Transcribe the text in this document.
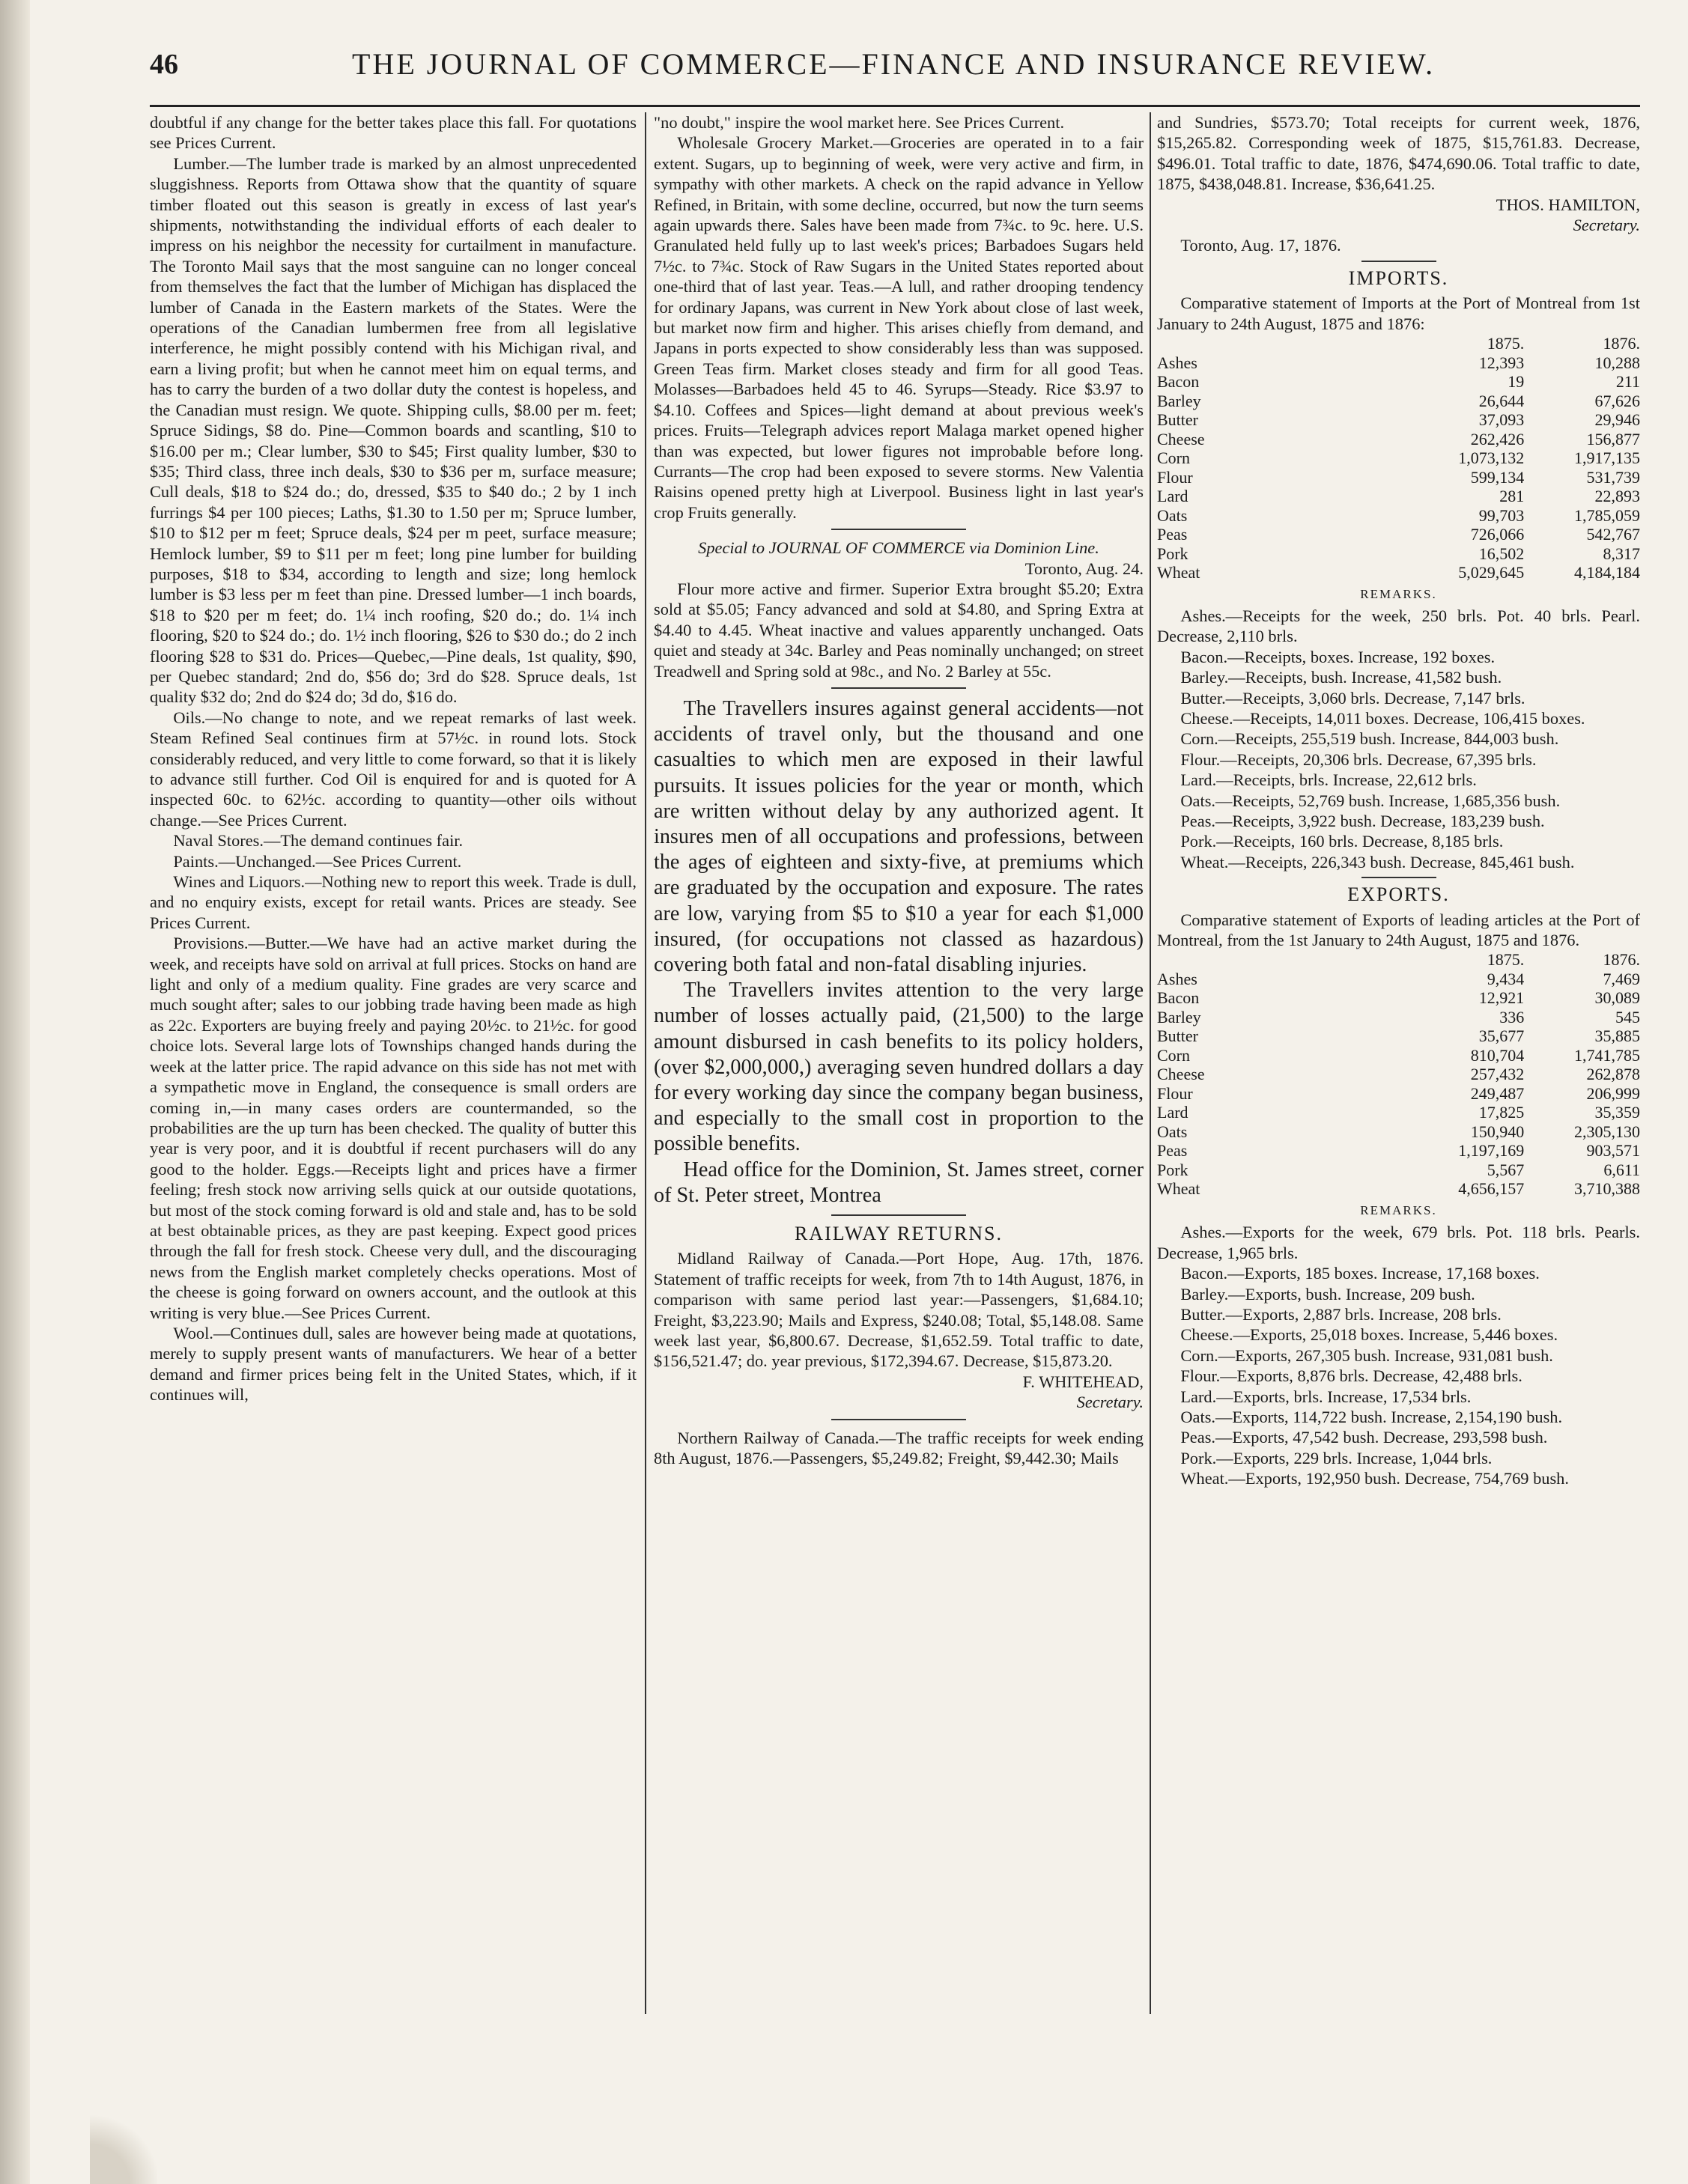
46	THE JOURNAL OF COMMERCE—FINANCE AND INSURANCE REVIEW.

doubtful if any change for the better takes place this fall. For quotations see Prices Current.

Lumber.—The lumber trade is marked by an almost unprecedented sluggishness. Reports from Ottawa show that the quantity of square timber floated out this season is greatly in excess of last year's shipments, notwithstanding the individual efforts of each dealer to impress on his neighbor the necessity for curtailment in manufacture. The Toronto Mail says that the most sanguine can no longer conceal from themselves the fact that the lumber of Michigan has displaced the lumber of Canada in the Eastern markets of the States. Were the operations of the Canadian lumbermen free from all legislative interference, he might possibly contend with his Michigan rival, and earn a living profit; but when he cannot meet him on equal terms, and has to carry the burden of a two dollar duty the contest is hopeless, and the Canadian must resign. We quote. Shipping culls, $8.00 per m. feet; Spruce Sidings, $8 do. Pine—Common boards and scantling, $10 to $16.00 per m.; Clear lumber, $30 to $45; First quality lumber, $30 to $35; Third class, three inch deals, $30 to $36 per m, surface measure; Cull deals, $18 to $24 do.; do, dressed, $35 to $40 do.; 2 by 1 inch furrings $4 per 100 pieces; Laths, $1.30 to 1.50 per m; Spruce lumber, $10 to $12 per m feet; Spruce deals, $24 per m peet, surface measure; Hemlock lumber, $9 to $11 per m feet; long pine lumber for building purposes, $18 to $34, according to length and size; long hemlock lumber is $3 less per m feet than pine. Dressed lumber—1 inch boards, $18 to $20 per m feet; do. 1¼ inch roofing, $20 do.; do. 1¼ inch flooring, $20 to $24 do.; do. 1½ inch flooring, $26 to $30 do.; do 2 inch flooring $28 to $31 do. Prices—Quebec,—Pine deals, 1st quality, $90, per Quebec standard; 2nd do, $56 do; 3rd do $28. Spruce deals, 1st quality $32 do; 2nd do $24 do; 3d do, $16 do.

Oils.—No change to note, and we repeat remarks of last week. Steam Refined Seal continues firm at 57½c. in round lots. Stock considerably reduced, and very little to come forward, so that it is likely to advance still further. Cod Oil is enquired for and is quoted for A inspected 60c. to 62½c. according to quantity—other oils without change.—See Prices Current.

Naval Stores.—The demand continues fair.

Paints.—Unchanged.—See Prices Current.

Wines and Liquors.—Nothing new to report this week. Trade is dull, and no enquiry exists, except for retail wants. Prices are steady. See Prices Current.

Provisions.—Butter.—We have had an active market during the week, and receipts have sold on arrival at full prices. Stocks on hand are light and only of a medium quality. Fine grades are very scarce and much sought after; sales to our jobbing trade having been made as high as 22c. Exporters are buying freely and paying 20½c. to 21½c. for good choice lots. Several large lots of Townships changed hands during the week at the latter price. The rapid advance on this side has not met with a sympathetic move in England, the consequence is small orders are coming in,—in many cases orders are countermanded, so the probabilities are the up turn has been checked. The quality of butter this year is very poor, and it is doubtful if recent purchasers will do any good to the holder. Eggs.—Receipts light and prices have a firmer feeling; fresh stock now arriving sells quick at our outside quotations, but most of the stock coming forward is old and stale and, has to be sold at best obtainable prices, as they are past keeping. Expect good prices through the fall for fresh stock. Cheese very dull, and the discouraging news from the English market completely checks operations. Most of the cheese is going forward on owners account, and the outlook at this writing is very blue.—See Prices Current.

Wool.—Continues dull, sales are however being made at quotations, merely to supply present wants of manufacturers. We hear of a better demand and firmer prices being felt in the United States, which, if it continues will,

"no doubt," inspire the wool market here. See Prices Current.

Wholesale Grocery Market.—Groceries are operated in to a fair extent. Sugars, up to beginning of week, were very active and firm, in sympathy with other markets. A check on the rapid advance in Yellow Refined, in Britain, with some decline, occurred, but now the turn seems again upwards there. Sales have been made from 7¾c. to 9c. here. U.S. Granulated held fully up to last week's prices; Barbadoes Sugars held 7½c. to 7¾c. Stock of Raw Sugars in the United States reported about one-third that of last year. Teas.—A lull, and rather drooping tendency for ordinary Japans, was current in New York about close of last week, but market now firm and higher. This arises chiefly from demand, and Japans in ports expected to show considerably less than was supposed. Green Teas firm. Market closes steady and firm for all good Teas. Molasses—Barbadoes held 45 to 46. Syrups—Steady. Rice $3.97 to $4.10. Coffees and Spices—light demand at about previous week's prices. Fruits—Telegraph advices report Malaga market opened higher than was expected, but lower figures not improbable before long. Currants—The crop had been exposed to severe storms. New Valentia Raisins opened pretty high at Liverpool. Business light in last year's crop Fruits generally.

Special to JOURNAL OF COMMERCE via Dominion Line.

Toronto, Aug. 24.

Flour more active and firmer. Superior Extra brought $5.20; Extra sold at $5.05; Fancy advanced and sold at $4.80, and Spring Extra at $4.40 to 4.45. Wheat inactive and values apparently unchanged. Oats quiet and steady at 34c. Barley and Peas nominally unchanged; on street Treadwell and Spring sold at 98c., and No. 2 Barley at 55c.

The Travellers insures against general accidents—not accidents of travel only, but the thousand and one casualties to which men are exposed in their lawful pursuits. It issues policies for the year or month, which are written without delay by any authorized agent. It insures men of all occupations and professions, between the ages of eighteen and sixty-five, at premiums which are graduated by the occupation and exposure. The rates are low, varying from $5 to $10 a year for each $1,000 insured, (for occupations not classed as hazardous) covering both fatal and non-fatal disabling injuries.

The Travellers invites attention to the very large number of losses actually paid, (21,500) to the large amount disbursed in cash benefits to its policy holders, (over $2,000,000,) averaging seven hundred dollars a day for every working day since the company began business, and especially to the small cost in proportion to the possible benefits.

Head office for the Dominion, St. James street, corner of St. Peter street, Montrea

RAILWAY RETURNS.

Midland Railway of Canada.—Port Hope, Aug. 17th, 1876. Statement of traffic receipts for week, from 7th to 14th August, 1876, in comparison with same period last year:—Passengers, $1,684.10; Freight, $3,223.90; Mails and Express, $240.08; Total, $5,148.08. Same week last year, $6,800.67. Decrease, $1,652.59. Total traffic to date, $156,521.47; do. year previous, $172,394.67. Decrease, $15,873.20.

F. WHITEHEAD,

Secretary.

Northern Railway of Canada.—The traffic receipts for week ending 8th August, 1876.—Passengers, $5,249.82; Freight, $9,442.30; Mails

and Sundries, $573.70; Total receipts for current week, 1876, $15,265.82. Corresponding week of 1875, $15,761.83. Decrease, $496.01. Total traffic to date, 1876, $474,690.06. Total traffic to date, 1875, $438,048.81. Increase, $36,641.25.

THOS. HAMILTON,

Secretary.

Toronto, Aug. 17, 1876.

IMPORTS.

Comparative statement of Imports at the Port of Montreal from 1st January to 24th August, 1875 and 1876:

	1875.	1876.
Ashes	12,393	10,288
Bacon	19	211
Barley	26,644	67,626
Butter	37,093	29,946
Cheese	262,426	156,877
Corn	1,073,132	1,917,135
Flour	599,134	531,739
Lard	281	22,893
Oats	99,703	1,785,059
Peas	726,066	542,767
Pork	16,502	8,317
Wheat	5,029,645	4,184,184
REMARKS.

Ashes.—Receipts for the week, 250 brls. Pot. 40 brls. Pearl. Decrease, 2,110 brls.

Bacon.—Receipts, boxes. Increase, 192 boxes.

Barley.—Receipts, bush. Increase, 41,582 bush.

Butter.—Receipts, 3,060 brls. Decrease, 7,147 brls.

Cheese.—Receipts, 14,011 boxes. Decrease, 106,415 boxes.

Corn.—Receipts, 255,519 bush. Increase, 844,003 bush.

Flour.—Receipts, 20,306 brls. Decrease, 67,395 brls.

Lard.—Receipts, brls. Increase, 22,612 brls.

Oats.—Receipts, 52,769 bush. Increase, 1,685,356 bush.

Peas.—Receipts, 3,922 bush. Decrease, 183,239 bush.

Pork.—Receipts, 160 brls. Decrease, 8,185 brls.

Wheat.—Receipts, 226,343 bush. Decrease, 845,461 bush.

EXPORTS.

Comparative statement of Exports of leading articles at the Port of Montreal, from the 1st January to 24th August, 1875 and 1876.

	1875.	1876.
Ashes	9,434	7,469
Bacon	12,921	30,089
Barley	336	545
Butter	35,677	35,885
Corn	810,704	1,741,785
Cheese	257,432	262,878
Flour	249,487	206,999
Lard	17,825	35,359
Oats	150,940	2,305,130
Peas	1,197,169	903,571
Pork	5,567	6,611
Wheat	4,656,157	3,710,388
REMARKS.

Ashes.—Exports for the week, 679 brls. Pot. 118 brls. Pearls. Decrease, 1,965 brls.

Bacon.—Exports, 185 boxes. Increase, 17,168 boxes.

Barley.—Exports, bush. Increase, 209 bush.

Butter.—Exports, 2,887 brls. Increase, 208 brls.

Cheese.—Exports, 25,018 boxes. Increase, 5,446 boxes.

Corn.—Exports, 267,305 bush. Increase, 931,081 bush.

Flour.—Exports, 8,876 brls. Decrease, 42,488 brls.

Lard.—Exports, brls. Increase, 17,534 brls.

Oats.—Exports, 114,722 bush. Increase, 2,154,190 bush.

Peas.—Exports, 47,542 bush. Decrease, 293,598 bush.

Pork.—Exports, 229 brls. Increase, 1,044 brls.

Wheat.—Exports, 192,950 bush. Decrease, 754,769 bush.
